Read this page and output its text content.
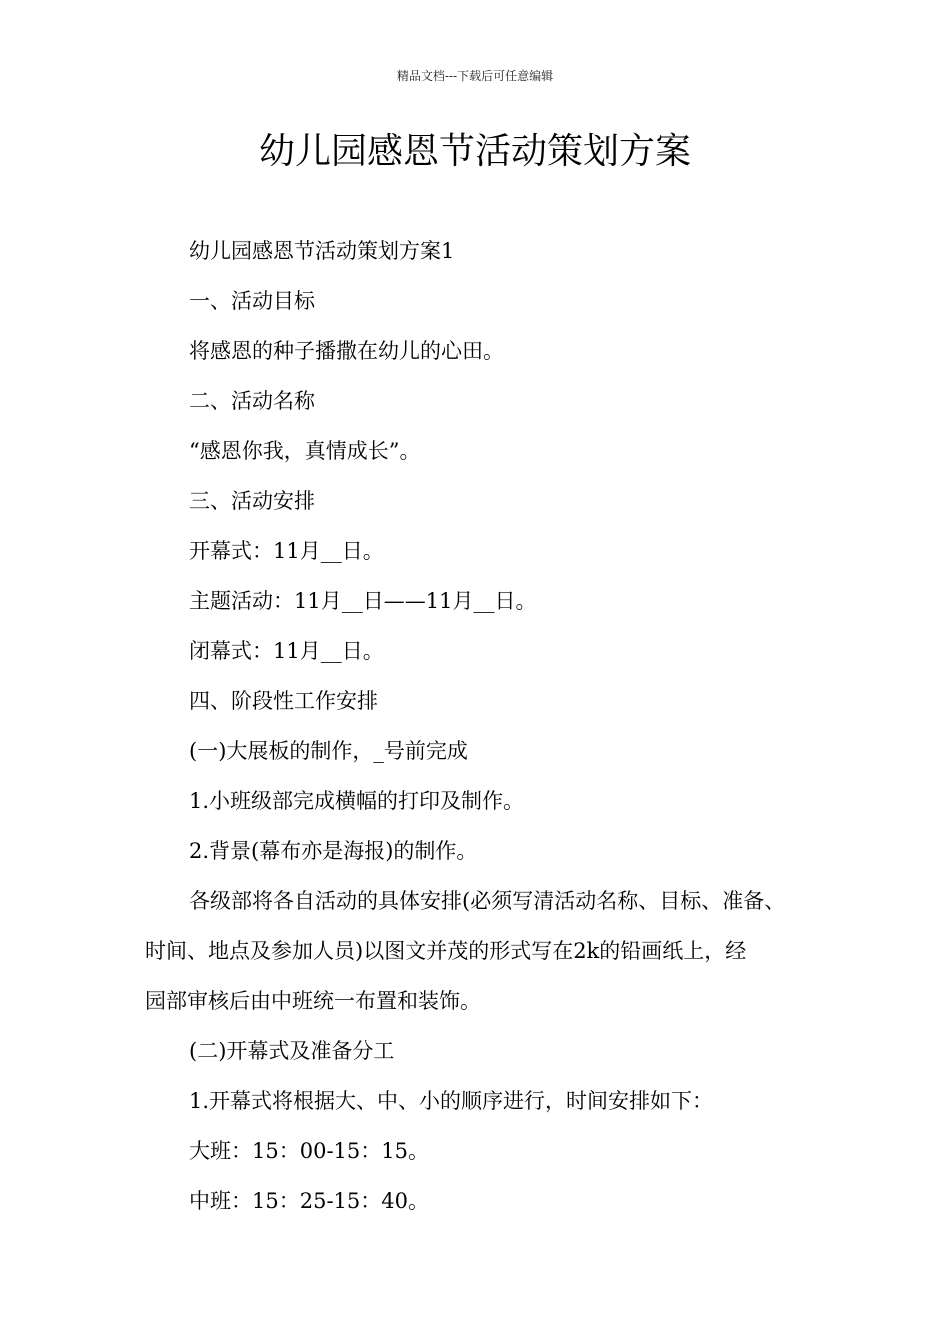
精品文档---下载后可任意编辑
幼儿园感恩节活动策划方案
幼儿园感恩节活动策划方案1
一、活动目标
将感恩的种子播撒在幼儿的心田。
二、活动名称
“感恩你我，真情成长”。
三、活动安排
开幕式：11月__日。
主题活动：11月__日——11月__日。
闭幕式：11月__日。
四、阶段性工作安排
(一)大展板的制作，_号前完成
1.小班级部完成横幅的打印及制作。
2.背景(幕布亦是海报)的制作。
各级部将各自活动的具体安排(必须写清活动名称、目标、准备、
时间、地点及参加人员)以图文并茂的形式写在2k的铅画纸上，经
园部审核后由中班统一布置和装饰。
(二)开幕式及准备分工
1.开幕式将根据大、中、小的顺序进行，时间安排如下：
大班：15：00-15：15。
中班：15：25-15：40。
